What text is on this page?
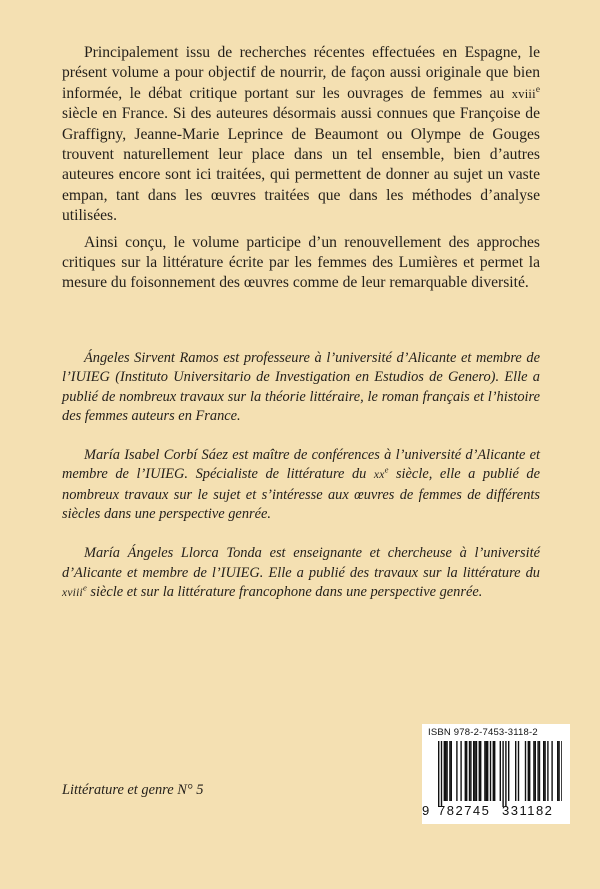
Principalement issu de recherches récentes effectuées en Espagne, le présent volume a pour objectif de nourrir, de façon aussi originale que bien informée, le débat critique portant sur les ouvrages de femmes au xviii$^e$ siècle en France. Si des auteures désormais aussi connues que Françoise de Graffigny, Jeanne-Marie Leprince de Beaumont ou Olympe de Gouges trouvent naturellement leur place dans un tel ensemble, bien d’autres auteures encore sont ici traitées, qui permettent de donner au sujet un vaste empan, tant dans les œuvres traitées que dans les méthodes d’analyse utilisées.

Ainsi conçu, le volume participe d’un renouvellement des approches critiques sur la littérature écrite par les femmes des Lumières et permet la mesure du foisonnement des œuvres comme de leur remarquable diversité.

Ángeles Sirvent Ramos est professeure à l’université d’Alicante et membre de l’IUIEG (Instituto Universitario de Investigation en Estudios de Genero). Elle a publié de nombreux travaux sur la théorie littéraire, le roman français et l’histoire des femmes auteurs en France.

María Isabel Corbí Sáez est maître de conférences à l’université d’Alicante et membre de l’IUIEG. Spécialiste de littérature du $xx^e$ siècle, elle a publié de nombreux travaux sur le sujet et s’intéresse aux œuvres de femmes de différents siècles dans une perspective genrée.

María Ángeles Llorca Tonda est enseignante et chercheuse à l’université d’Alicante et membre de l’IUIEG. Elle a publié des travaux sur la littérature du xviii$^e$ siècle et sur la littérature francophone dans une perspective genrée.

Littérature et genre N° 5
ISBN 978-2-7453-3118-2
9 782745 331182
